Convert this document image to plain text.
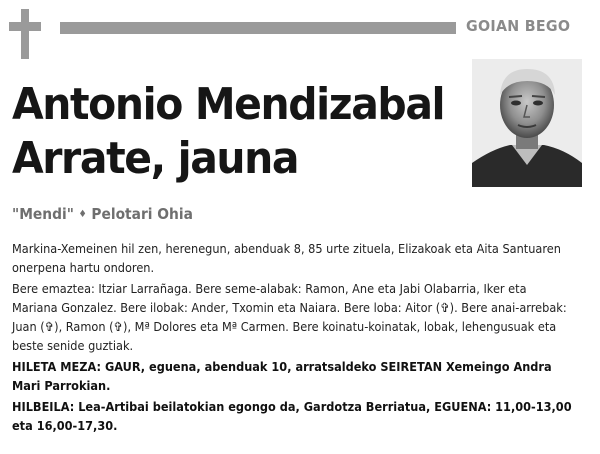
GOIAN BEGO
Antonio Mendizabal
Arrate, jauna
"Mendi" ♦ Pelotari Ohia

Markina-Xemeinen hil zen, herenegun, abenduak 8, 85 urte zituela, Elizakoak eta Aita Santuaren onerpena hartu ondoren.

Bere emaztea: Itziar Larrañaga. Bere seme-alabak: Ramon, Ane eta Jabi Olabarria, Iker eta Mariana Gonzalez. Bere ilobak: Ander, Txomin eta Naiara. Bere loba: Aitor (✞). Bere anai-arrebak: Juan (✞), Ramon (✞), Mª Dolores eta Mª Carmen. Bere koinatu-koinatak, lobak, lehengusuak eta beste senide guztiak.

HILETA MEZA: GAUR, eguena, abenduak 10, arratsaldeko SEIRETAN Xemeingo Andra Mari Parrokian.

HILBEILA: Lea-Artibai beilatokian egongo da, Gardotza Berriatua, EGUENA: 11,00-13,00 eta 16,00-17,30.
